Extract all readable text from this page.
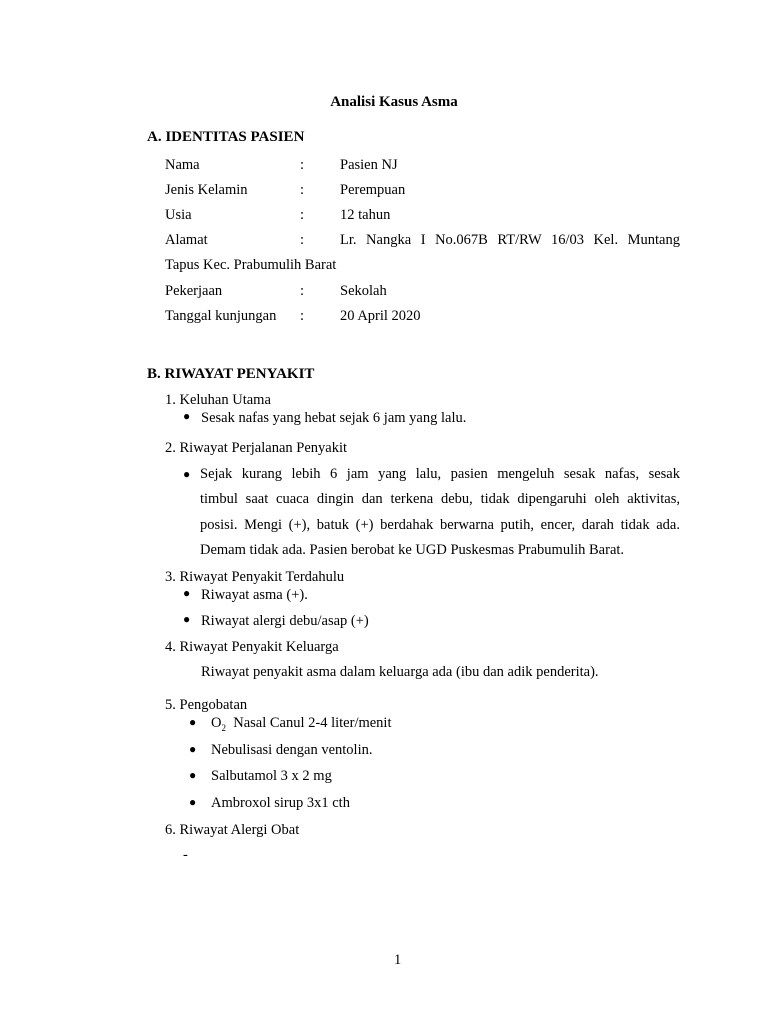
Analisi Kasus Asma
A. IDENTITAS PASIEN
Nama	: Pasien NJ
Jenis Kelamin	: Perempuan
Usia	: 12 tahun
Alamat	: Lr. Nangka I No.067B RT/RW 16/03 Kel. Muntang
Tapus Kec. Prabumulih Barat
Pekerjaan	: Sekolah
Tanggal kunjungan : 20 April 2020
B. RIWAYAT PENYAKIT
1. Keluhan Utama
● Sesak nafas yang hebat sejak 6 jam yang lalu.
2. Riwayat Perjalanan Penyakit
● Sejak kurang lebih 6 jam yang lalu, pasien mengeluh sesak nafas, sesak
timbul saat cuaca dingin dan terkena debu, tidak dipengaruhi oleh aktivitas,
posisi. Mengi (+), batuk (+) berdahak berwarna putih, encer, darah tidak ada.
Demam tidak ada. Pasien berobat ke UGD Puskesmas Prabumulih Barat.
3. Riwayat Penyakit Terdahulu
● Riwayat asma (+).
● Riwayat alergi debu/asap (+)
4. Riwayat Penyakit Keluarga
Riwayat penyakit asma dalam keluarga ada (ibu dan adik penderita).
5. Pengobatan
● $O_2$  Nasal Canul 2-4 liter/menit
● Nebulisasi dengan ventolin.
● Salbutamol 3 x 2 mg
● Ambroxol sirup 3x1 cth
6. Riwayat Alergi Obat
-
1
